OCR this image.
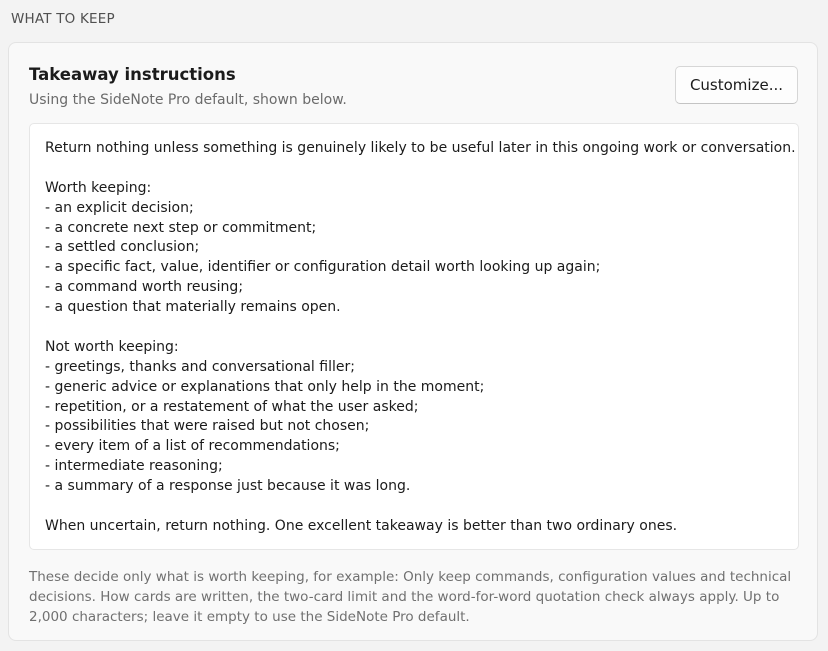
WHAT TO KEEP
Takeaway instructions
Using the SideNote Pro default, shown below.
Customize...
Return nothing unless something is genuinely likely to be useful later in this ongoing work or conversation.
Worth keeping:
- an explicit decision;
- a concrete next step or commitment;
- a settled conclusion;
- a specific fact, value, identifier or configuration detail worth looking up again;
- a command worth reusing;
- a question that materially remains open.
Not worth keeping:
- greetings, thanks and conversational filler;
- generic advice or explanations that only help in the moment;
- repetition, or a restatement of what the user asked;
- possibilities that were raised but not chosen;
- every item of a list of recommendations;
- intermediate reasoning;
- a summary of a response just because it was long.
When uncertain, return nothing. One excellent takeaway is better than two ordinary ones.
These decide only what is worth keeping, for example: Only keep commands, configuration values and technical decisions. How cards are written, the two-card limit and the word-for-word quotation check always apply. Up to 2,000 characters; leave it empty to use the SideNote Pro default.
